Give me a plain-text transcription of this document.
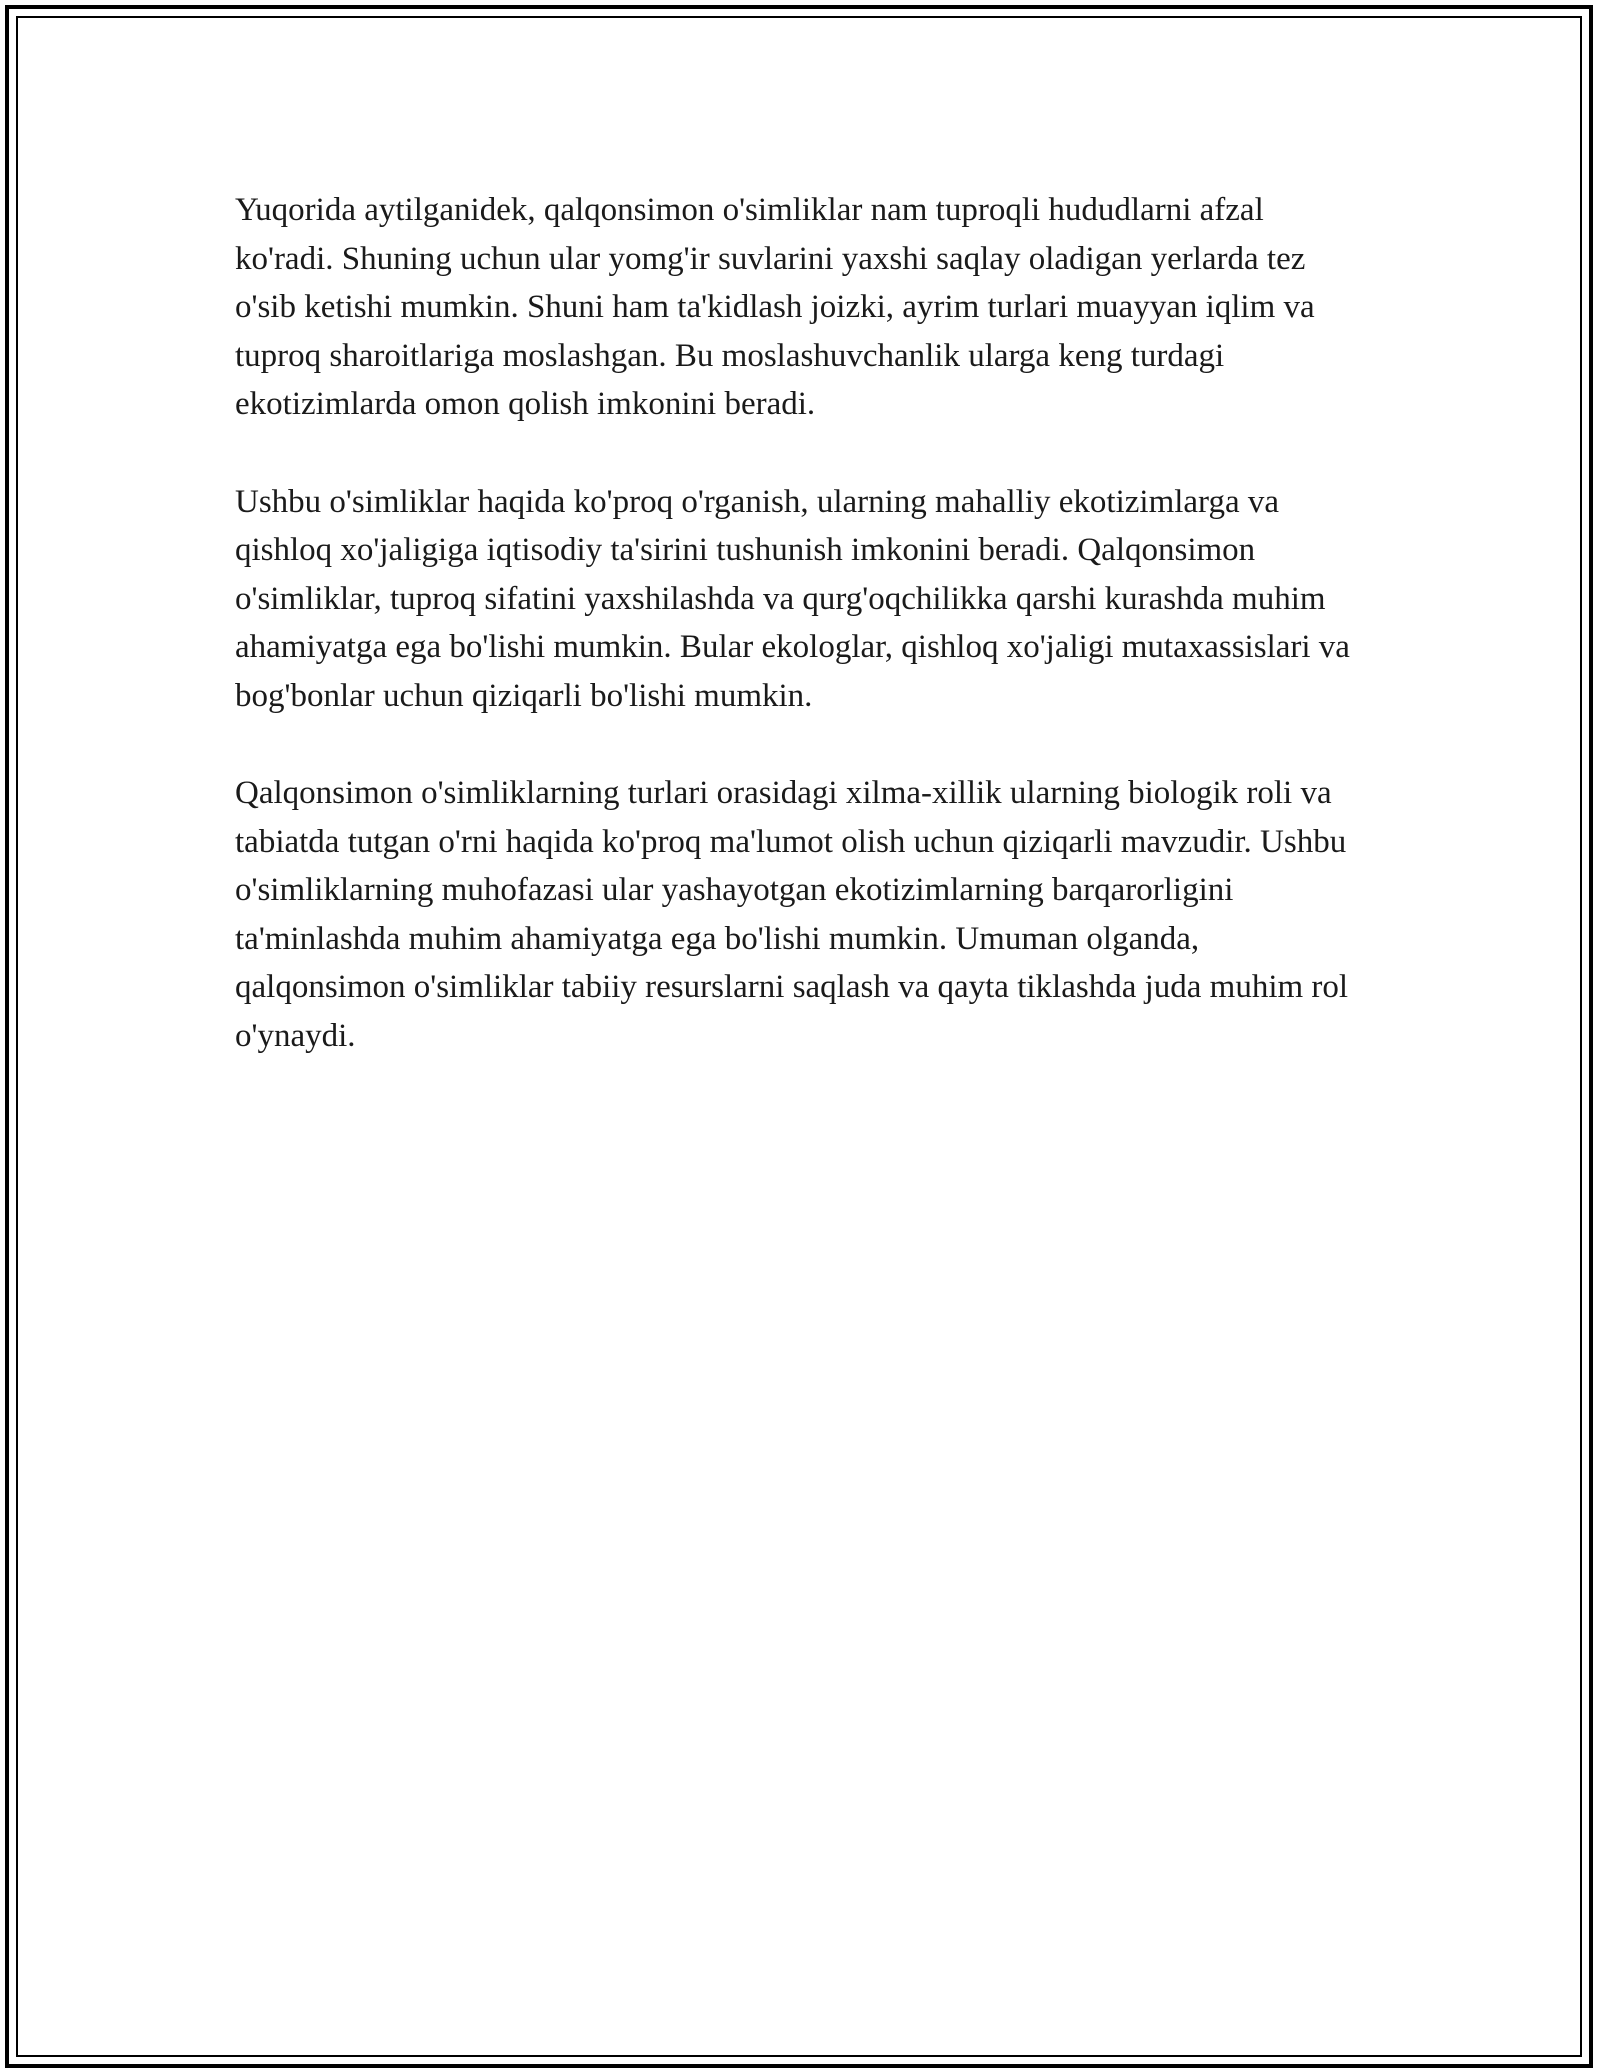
Yuqorida aytilganidek, qalqonsimon o'simliklar nam tuproqli hududlarni afzal ko'radi. Shuning uchun ular yomg'ir suvlarini yaxshi saqlay oladigan yerlarda tez o'sib ketishi mumkin. Shuni ham ta'kidlash joizki, ayrim turlari muayyan iqlim va tuproq sharoitlariga moslashgan. Bu moslashuvchanlik ularga keng turdagi ekotizimlarda omon qolish imkonini beradi.

Ushbu o'simliklar haqida ko'proq o'rganish, ularning mahalliy ekotizimlarga va qishloq xo'jaligiga iqtisodiy ta'sirini tushunish imkonini beradi. Qalqonsimon o'simliklar, tuproq sifatini yaxshilashda va qurg'oqchilikka qarshi kurashda muhim ahamiyatga ega bo'lishi mumkin. Bular ekologlar, qishloq xo'jaligi mutaxassislari va bog'bonlar uchun qiziqarli bo'lishi mumkin.

Qalqonsimon o'simliklarning turlari orasidagi xilma-xillik ularning biologik roli va tabiatda tutgan o'rni haqida ko'proq ma'lumot olish uchun qiziqarli mavzudir. Ushbu o'simliklarning muhofazasi ular yashayotgan ekotizimlarning barqarorligini ta'minlashda muhim ahamiyatga ega bo'lishi mumkin. Umuman olganda, qalqonsimon o'simliklar tabiiy resurslarni saqlash va qayta tiklashda juda muhim rol o'ynaydi.
